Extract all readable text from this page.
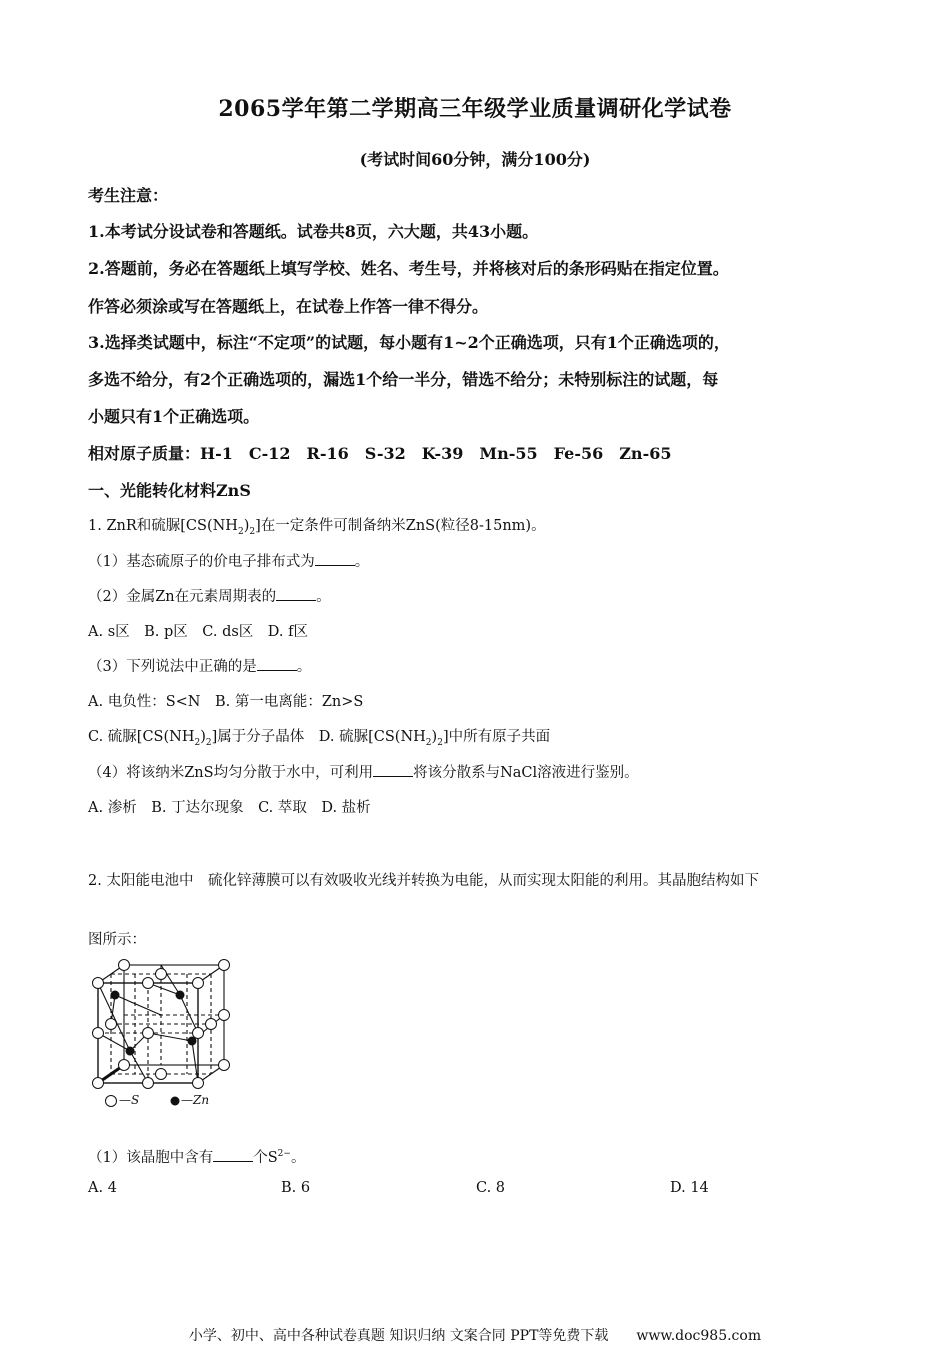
2065学年第二学期高三年级学业质量调研化学试卷
(考试时间60分钟，满分100分)
考生注意：
1.本考试分设试卷和答题纸。试卷共8页，六大题，共43小题。
2.答题前，务必在答题纸上填写学校、姓名、考生号，并将核对后的条形码贴在指定位置。
作答必须涂或写在答题纸上，在试卷上作答一律不得分。
3.选择类试题中，标注“不定项”的试题，每小题有1~2个正确选项，只有1个正确选项的，
多选不给分，有2个正确选项的，漏选1个给一半分，错选不给分；未特别标注的试题，每
小题只有1个正确选项。
相对原子质量：H-1　C-12　R-16　S-32　K-39　Mn-55　Fe-56　Zn-65
一、光能转化材料ZnS
1. ZnR和硫脲$[CS(NH_2)_2]$在一定条件可制备纳米ZnS(粒径8-15nm)。
（1）基态硫原子的价电子排布式为	。
（2）金属Zn在元素周期表的	。
A. s区　B. p区　C. ds区　D. f区
（3）下列说法中正确的是	。
A. 电负性：S<N　B. 第一电离能：Zn>S
C. 硫脲$[CS(NH_2)_2]$属于分子晶体　D. 硫脲$[CS(NH_2)_2]$中所有原子共面
（4）将该纳米ZnS均匀分散于水中，可利用	将该分散系与NaCl溶液进行鉴别。
A. 渗析　B. 丁达尔现象　C. 萃取　D. 盐析
2. 太阳能电池中　硫化锌薄膜可以有效吸收光线并转换为电能，从而实现太阳能的利用。其晶胞结构如下
图所示：
—S	—Zn
（1）该晶胞中含有	个$S^{2-}$。
A. 4	B. 6	C. 8	D. 14
小学、初中、高中各种试卷真题 知识归纳 文案合同 PPT等免费下载　　www.doc985.com
